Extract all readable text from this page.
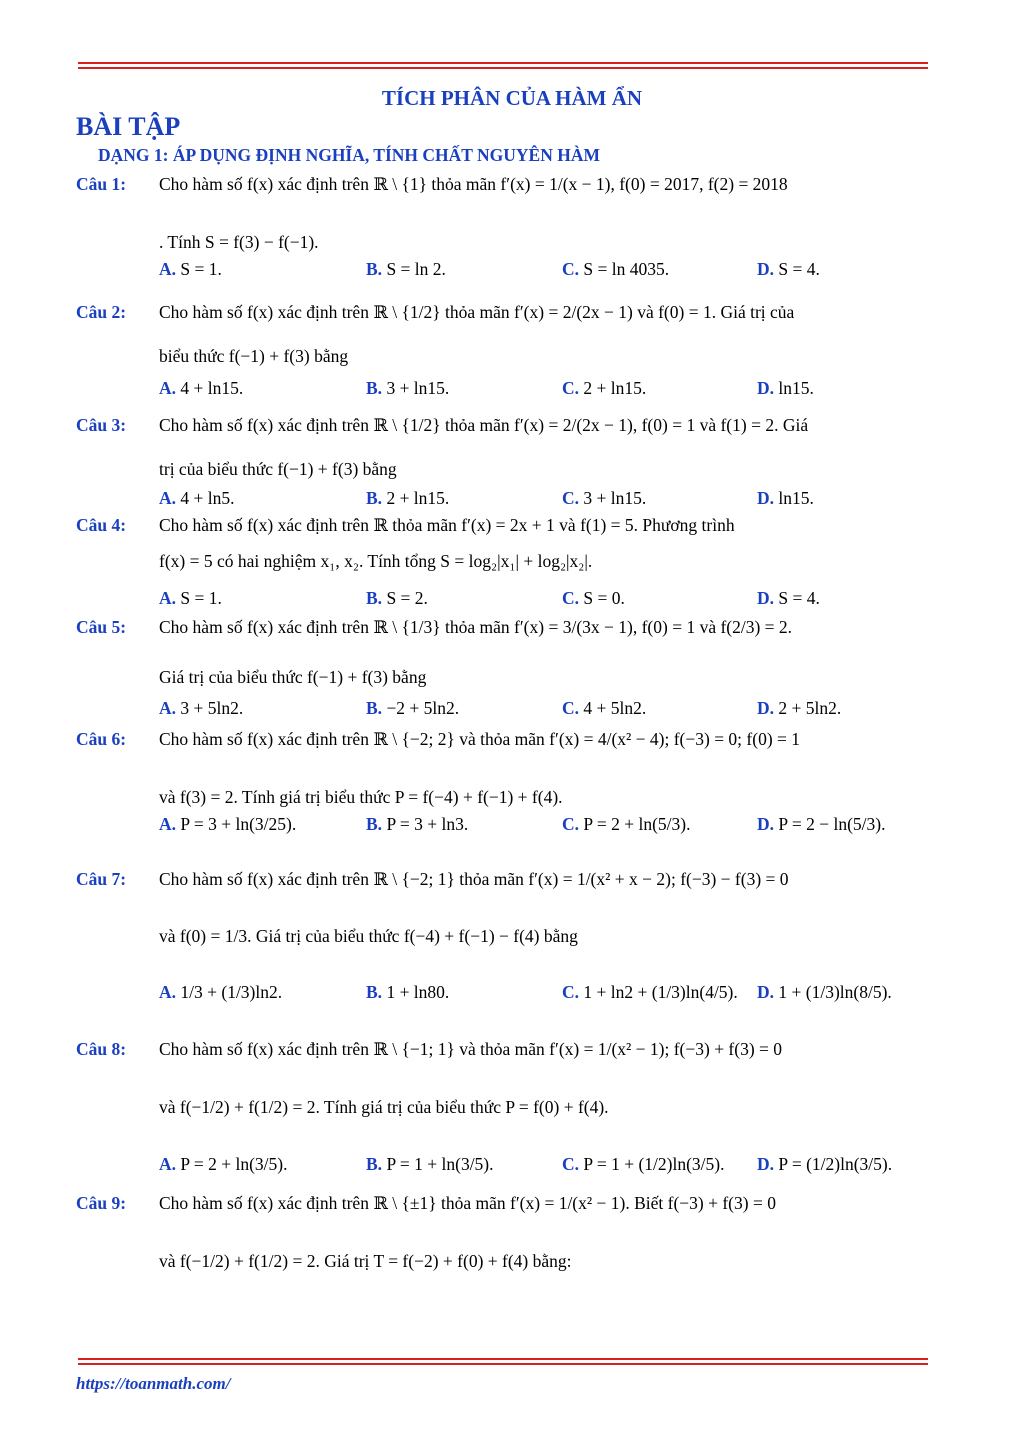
TÍCH PHÂN CỦA HÀM ẨN
BÀI TẬP
DẠNG 1: ÁP DỤNG ĐỊNH NGHĨA, TÍNH CHẤT NGUYÊN HÀM
Câu 1: Cho hàm số f(x) xác định trên ℝ \ {1} thỏa mãn f′(x) = 1/(x − 1), f(0) = 2017, f(2) = 2018
. Tính S = f(3) − f(−1).
A. S = 1.	B. S = ln 2.	C. S = ln 4035.	D. S = 4.
Câu 2: Cho hàm số f(x) xác định trên ℝ \ {1/2} thỏa mãn f′(x) = 2/(2x − 1) và f(0) = 1. Giá trị của
biểu thức f(−1) + f(3) bằng
A. 4 + ln15.	B. 3 + ln15.	C. 2 + ln15.	D. ln15.
Câu 3: Cho hàm số f(x) xác định trên ℝ \ {1/2} thỏa mãn f′(x) = 2/(2x − 1), f(0) = 1 và f(1) = 2. Giá
trị của biểu thức f(−1) + f(3) bằng
A. 4 + ln5.	B. 2 + ln15.	C. 3 + ln15.	D. ln15.
Câu 4: Cho hàm số f(x) xác định trên ℝ thỏa mãn f′(x) = 2x + 1 và f(1) = 5. Phương trình
f(x) = 5 có hai nghiệm x₁, x₂. Tính tổng S = log₂|x₁| + log₂|x₂|.
A. S = 1.	B. S = 2.	C. S = 0.	D. S = 4.
Câu 5: Cho hàm số f(x) xác định trên ℝ \ {1/3} thỏa mãn f′(x) = 3/(3x − 1), f(0) = 1 và f(2/3) = 2.
Giá trị của biểu thức f(−1) + f(3) bằng
A. 3 + 5ln2.	B. −2 + 5ln2.	C. 4 + 5ln2.	D. 2 + 5ln2.
Câu 6: Cho hàm số f(x) xác định trên ℝ \ {−2; 2} và thỏa mãn f′(x) = 4/(x² − 4); f(−3) = 0; f(0) = 1
và f(3) = 2. Tính giá trị biểu thức P = f(−4) + f(−1) + f(4).
A. P = 3 + ln(3/25).	B. P = 3 + ln3.	C. P = 2 + ln(5/3).	D. P = 2 − ln(5/3).
Câu 7: Cho hàm số f(x) xác định trên ℝ \ {−2; 1} thỏa mãn f′(x) = 1/(x² + x − 2); f(−3) − f(3) = 0
và f(0) = 1/3. Giá trị của biểu thức f(−4) + f(−1) − f(4) bằng
A. 1/3 + (1/3)ln2.	B. 1 + ln80.	C. 1 + ln2 + (1/3)ln(4/5). D. 1 + (1/3)ln(8/5).
Câu 8: Cho hàm số f(x) xác định trên ℝ \ {−1; 1} và thỏa mãn f′(x) = 1/(x² − 1); f(−3) + f(3) = 0
và f(−1/2) + f(1/2) = 2. Tính giá trị của biểu thức P = f(0) + f(4).
A. P = 2 + ln(3/5).	B. P = 1 + ln(3/5).	C. P = 1 + (1/2)ln(3/5). D. P = (1/2)ln(3/5).
Câu 9: Cho hàm số f(x) xác định trên ℝ \ {±1} thỏa mãn f′(x) = 1/(x² − 1). Biết f(−3) + f(3) = 0
và f(−1/2) + f(1/2) = 2. Giá trị T = f(−2) + f(0) + f(4) bằng:
https://toanmath.com/
